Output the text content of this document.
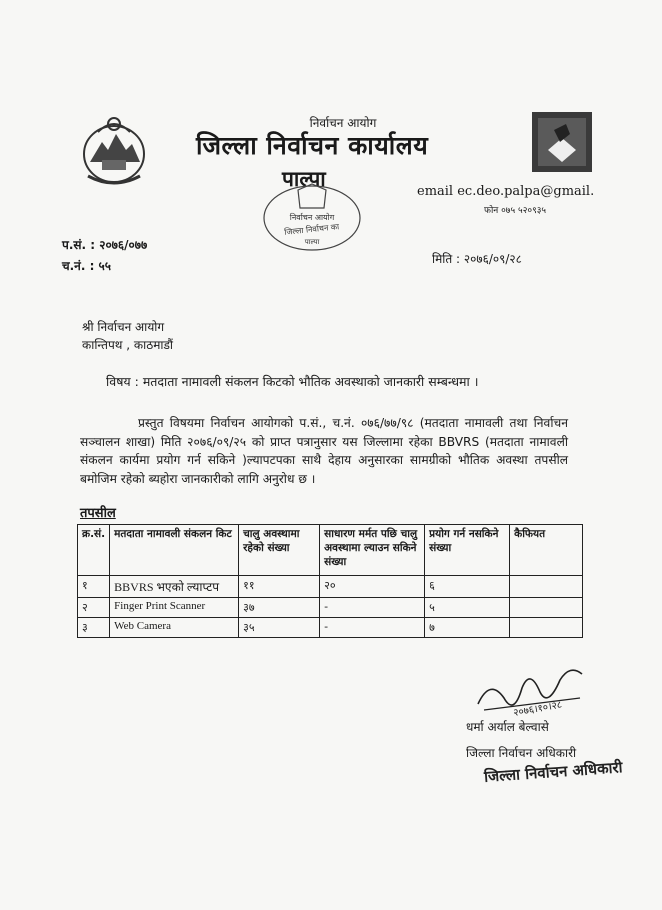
निर्वाचन आयोग
जिल्ला निर्वाचन कार्यालय
पाल्पा
email ec.deo.palpa@gmail.
फोन ०७५ ५२०९३५
निर्वाचन आयोग
जिल्ला निर्वाचन का
पाल्पा
प.सं. : २०७६/०७७
च.नं. : ५५	मिति : २०७६/०९/२८
श्री निर्वाचन आयोग
कान्तिपथ , काठमाडौं
विषय : मतदाता नामावली संकलन किटको भौतिक अवस्थाको जानकारी सम्बन्धमा ।
प्रस्तुत विषयमा निर्वाचन आयोगको प.सं., च.नं. ०७६/७७/९८ (मतदाता नामावली तथा निर्वाचन सञ्चालन शाखा) मिति २०७६/०९/२५ को प्राप्त पत्रानुसार यस जिल्लामा रहेका BBVRS (मतदाता नामावली संकलन कार्यमा प्रयोग गर्न सकिने )ल्यापटपका साथै देहाय अनुसारका सामग्रीको भौतिक अवस्था तपसील बमोजिम रहेको ब्यहोरा जानकारीको लागि अनुरोध छ ।
तपसील
क्र.सं.	मतदाता नामावली संकलन किट	चालु अवस्थामा रहेको संख्या	साधारण मर्मत पछि चालु अवस्थामा ल्याउन सकिने संख्या	प्रयोग गर्न नसकिने संख्या	कैफियत
१	BBVRS भएको ल्याप्टप	११	२०	६	
२	Finger Print Scanner	३७	-	५	
३	Web Camera	३५	-	७	
२०७६।१०।२८
धर्मा अर्याल बेल्वासे
जिल्ला निर्वाचन अधिकारी
जिल्ला निर्वाचन अधिकारी
